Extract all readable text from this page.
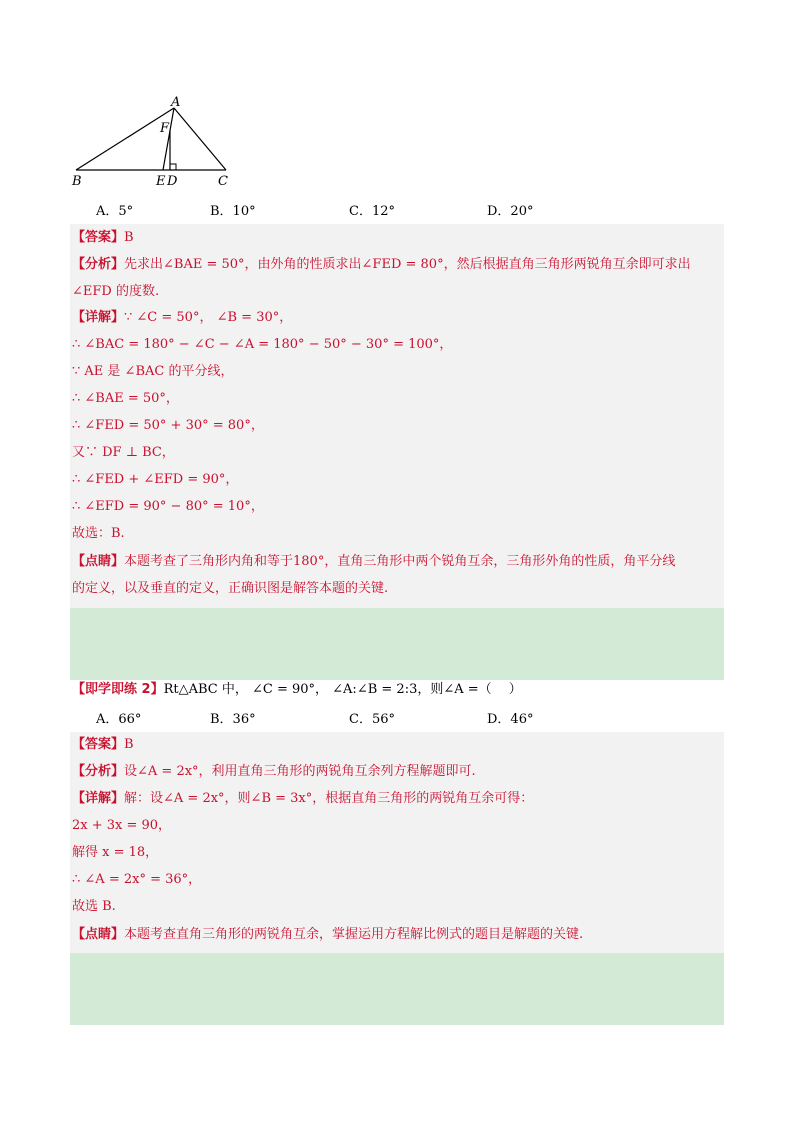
A
F
B	E D	C
A．5°	B．10°	C．12°	D．20°
【答案】B
【分析】先求出∠BAE = 50°，由外角的性质求出∠FED = 80°，然后根据直角三角形两锐角互余即可求出
∠EFD 的度数.
【详解】∵ ∠C = 50°， ∠B = 30°，
∴ ∠BAC = 180° − ∠C − ∠A = 180° − 50° − 30° = 100°，
∵ AE 是 ∠BAC 的平分线，
∴ ∠BAE = 50°，
∴ ∠FED = 50° + 30° = 80°，
又∵ DF ⊥ BC，
∴ ∠FED + ∠EFD = 90°，
∴ ∠EFD = 90° − 80° = 10°，
故选：B.
【点睛】本题考查了三角形内角和等于180°，直角三角形中两个锐角互余，三角形外角的性质，角平分线
的定义，以及垂直的定义，正确识图是解答本题的关键.
【即学即练 2】Rt△ABC 中， ∠C = 90°， ∠A:∠B = 2:3，则∠A =（　 ）
A．66°	B．36°	C．56°	D．46°
【答案】B
【分析】设∠A = 2x°，利用直角三角形的两锐角互余列方程解题即可.
【详解】解：设∠A = 2x°，则∠B = 3x°，根据直角三角形的两锐角互余可得：
2x + 3x = 90，
解得 x = 18，
∴ ∠A = 2x° = 36°，
故选 B.
【点睛】本题考查直角三角形的两锐角互余，掌握运用方程解比例式的题目是解题的关键.
